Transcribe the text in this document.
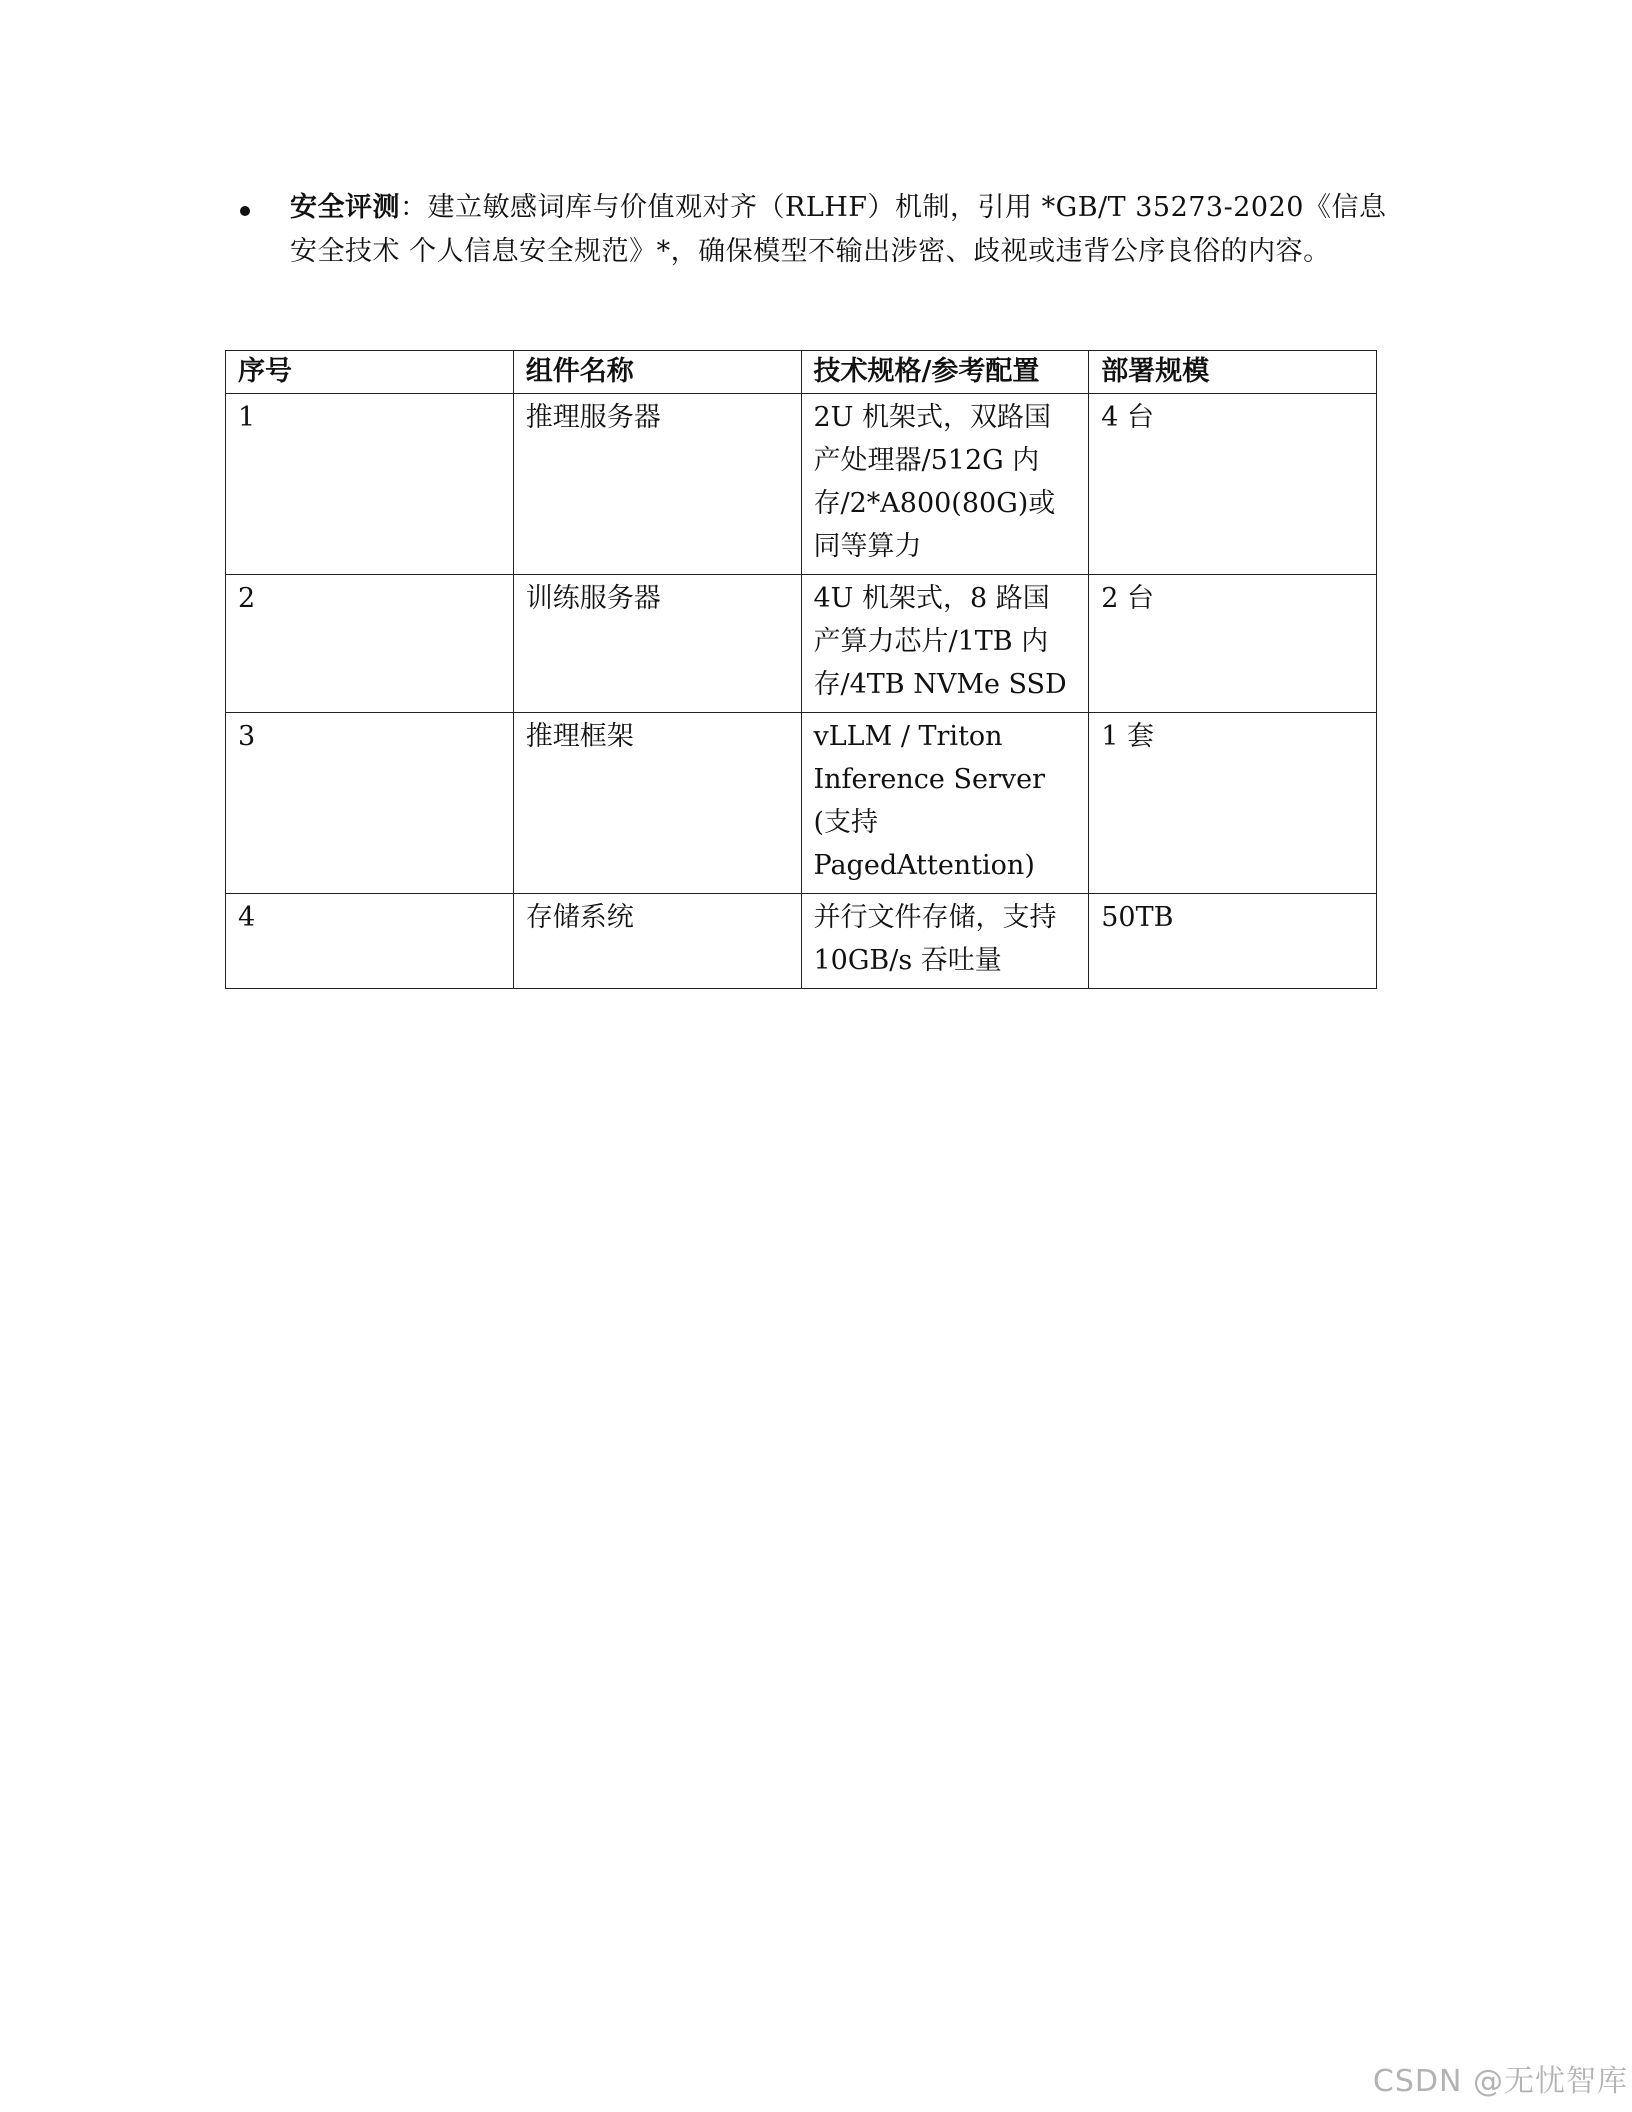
安全评测：建立敏感词库与价值观对齐（RLHF）机制，引用 *GB/T 35273-2020《信息安全技术 个人信息安全规范》*，确保模型不输出涉密、歧视或违背公序良俗的内容。
序号	组件名称	技术规格/参考配置	部署规模
1	推理服务器	2U 机架式，双路国产处理器/512G 内存/2*A800(80G)或同等算力	4 台
2	训练服务器	4U 机架式，8 路国产算力芯片/1TB 内存/4TB NVMe SSD	2 台
3	推理框架	vLLM / Triton Inference Server (支持 PagedAttention)	1 套
4	存储系统	并行文件存储，支持 10GB/s 吞吐量	50TB
CSDN @无忧智库
